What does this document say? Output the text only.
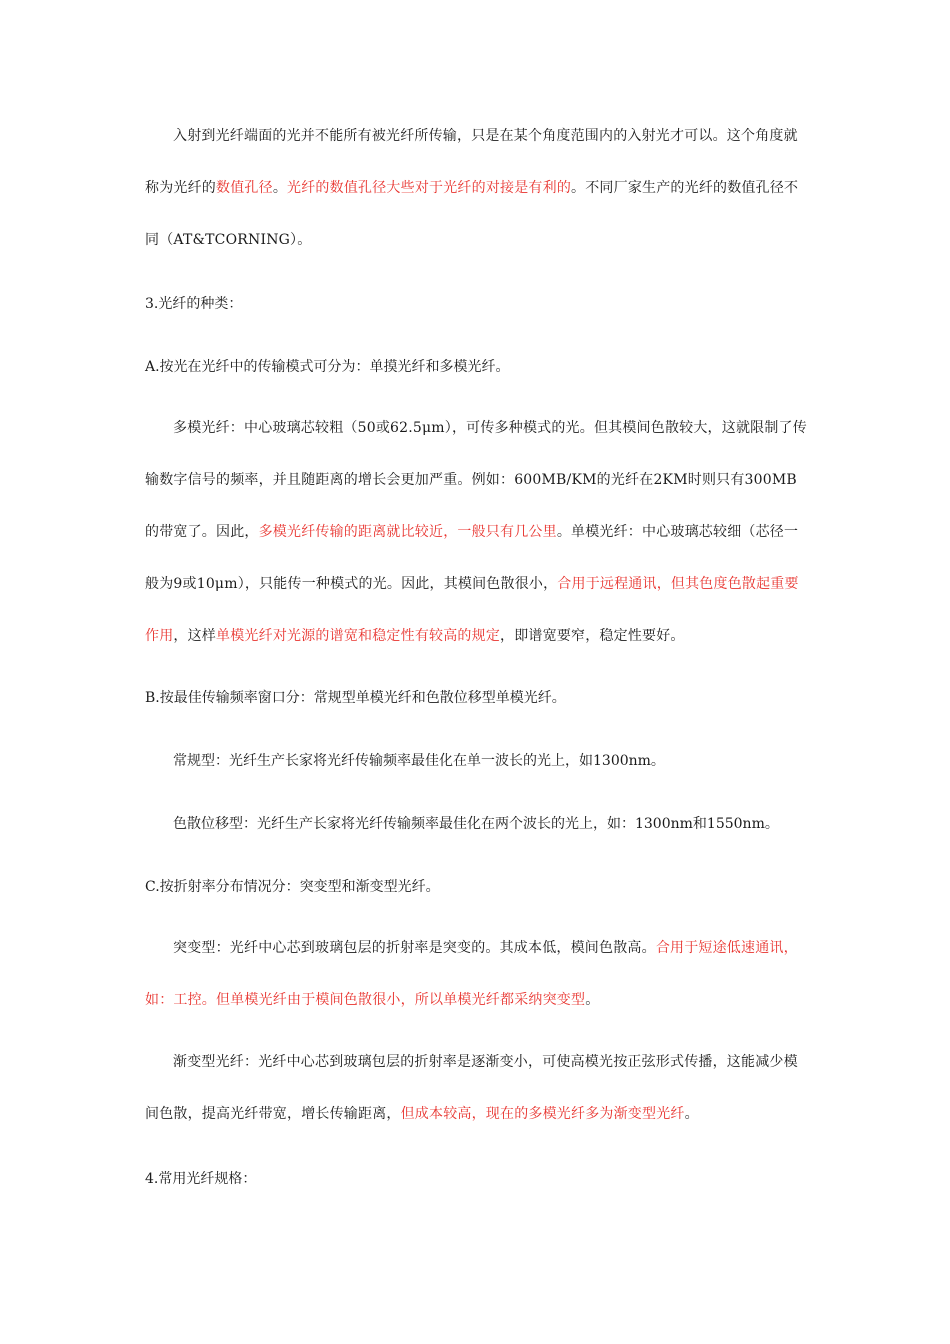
入射到光纤端面的光并不能所有被光纤所传输，只是在某个角度范围内的入射光才可以。这个角度就称为光纤的数值孔径。光纤的数值孔径大些对于光纤的对接是有利的。不同厂家生产的光纤的数值孔径不同（AT&TCORNING）。

3.光纤的种类：

A.按光在光纤中的传输模式可分为：单摸光纤和多模光纤。

多模光纤：中心玻璃芯较粗（50或62.5μm），可传多种模式的光。但其模间色散较大，这就限制了传输数字信号的频率，并且随距离的增长会更加严重。例如：600MB/KM的光纤在2KM时则只有300MB的带宽了。因此，多模光纤传输的距离就比较近，一般只有几公里。单模光纤：中心玻璃芯较细（芯径一般为9或10μm），只能传一种模式的光。因此，其模间色散很小，合用于远程通讯，但其色度色散起重要作用，这样单模光纤对光源的谱宽和稳定性有较高的规定，即谱宽要窄，稳定性要好。

B.按最佳传输频率窗口分：常规型单模光纤和色散位移型单模光纤。

常规型：光纤生产长家将光纤传输频率最佳化在单一波长的光上，如1300nm。

色散位移型：光纤生产长家将光纤传输频率最佳化在两个波长的光上，如：1300nm和1550nm。

C.按折射率分布情况分：突变型和渐变型光纤。

突变型：光纤中心芯到玻璃包层的折射率是突变的。其成本低，模间色散高。合用于短途低速通讯，如：工控。但单模光纤由于模间色散很小，所以单模光纤都采纳突变型。

渐变型光纤：光纤中心芯到玻璃包层的折射率是逐渐变小，可使高模光按正弦形式传播，这能减少模间色散，提高光纤带宽，增长传输距离，但成本较高，现在的多模光纤多为渐变型光纤。

4.常用光纤规格：
